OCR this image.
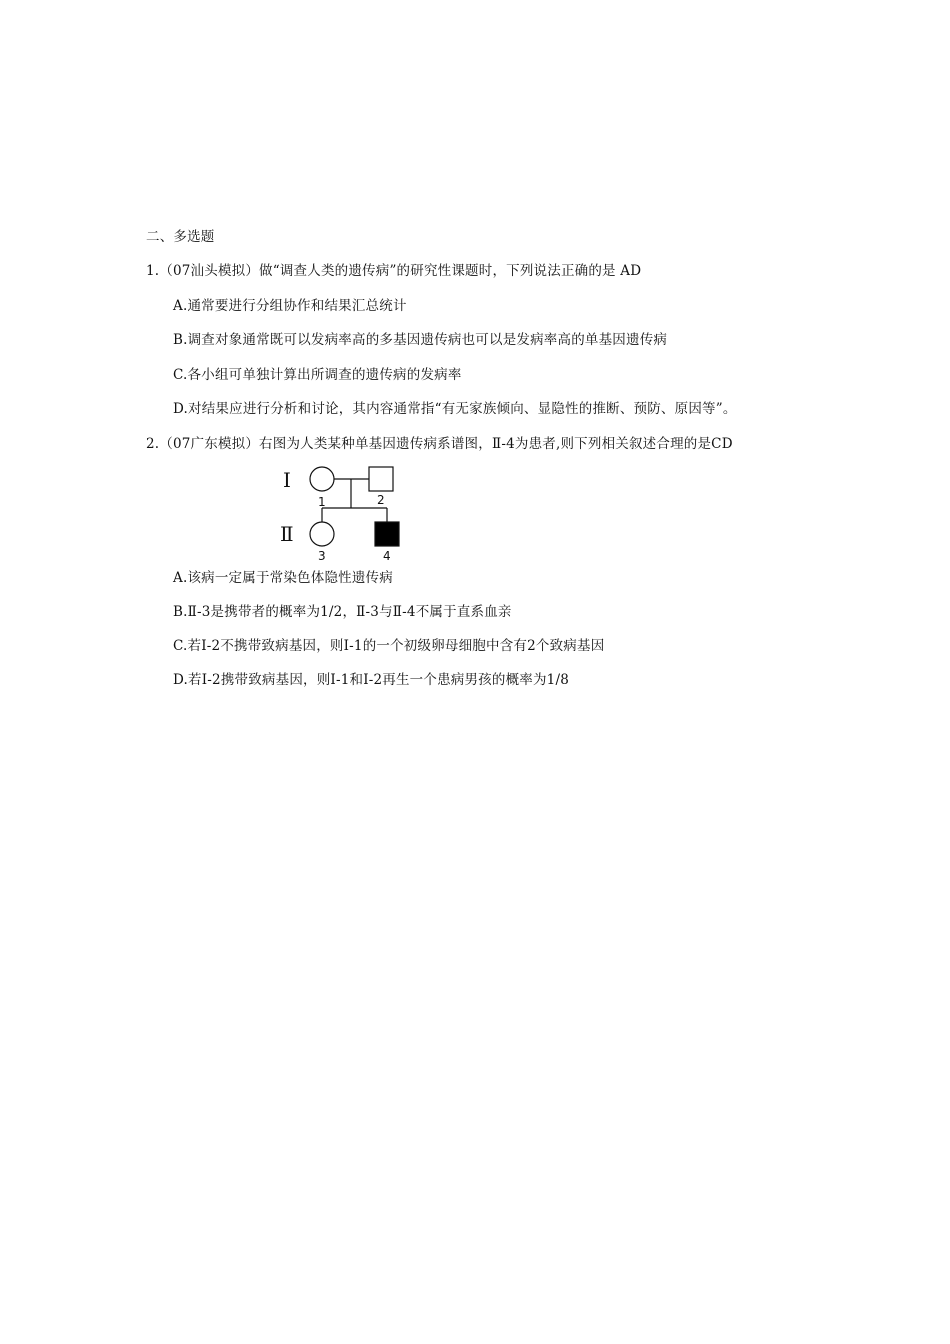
二、多选题
1.（07汕头模拟）做“调查人类的遗传病”的研究性课题时，下列说法正确的是 AD
A.通常要进行分组协作和结果汇总统计
B.调查对象通常既可以发病率高的多基因遗传病也可以是发病率高的单基因遗传病
C.各小组可单独计算出所调查的遗传病的发病率
D.对结果应进行分析和讨论，其内容通常指“有无家族倾向、显隐性的推断、预防、原因等”。
2.（07广东模拟）右图为人类某种单基因遗传病系谱图，Ⅱ-4为患者,则下列相关叙述合理的是CD
Ⅰ
Ⅱ
1	2
3	4
A.该病一定属于常染色体隐性遗传病
B.Ⅱ-3是携带者的概率为1/2，Ⅱ-3与Ⅱ-4不属于直系血亲
C.若Ⅰ-2不携带致病基因，则Ⅰ-1的一个初级卵母细胞中含有2个致病基因
D.若Ⅰ-2携带致病基因，则Ⅰ-1和Ⅰ-2再生一个患病男孩的概率为1/8
